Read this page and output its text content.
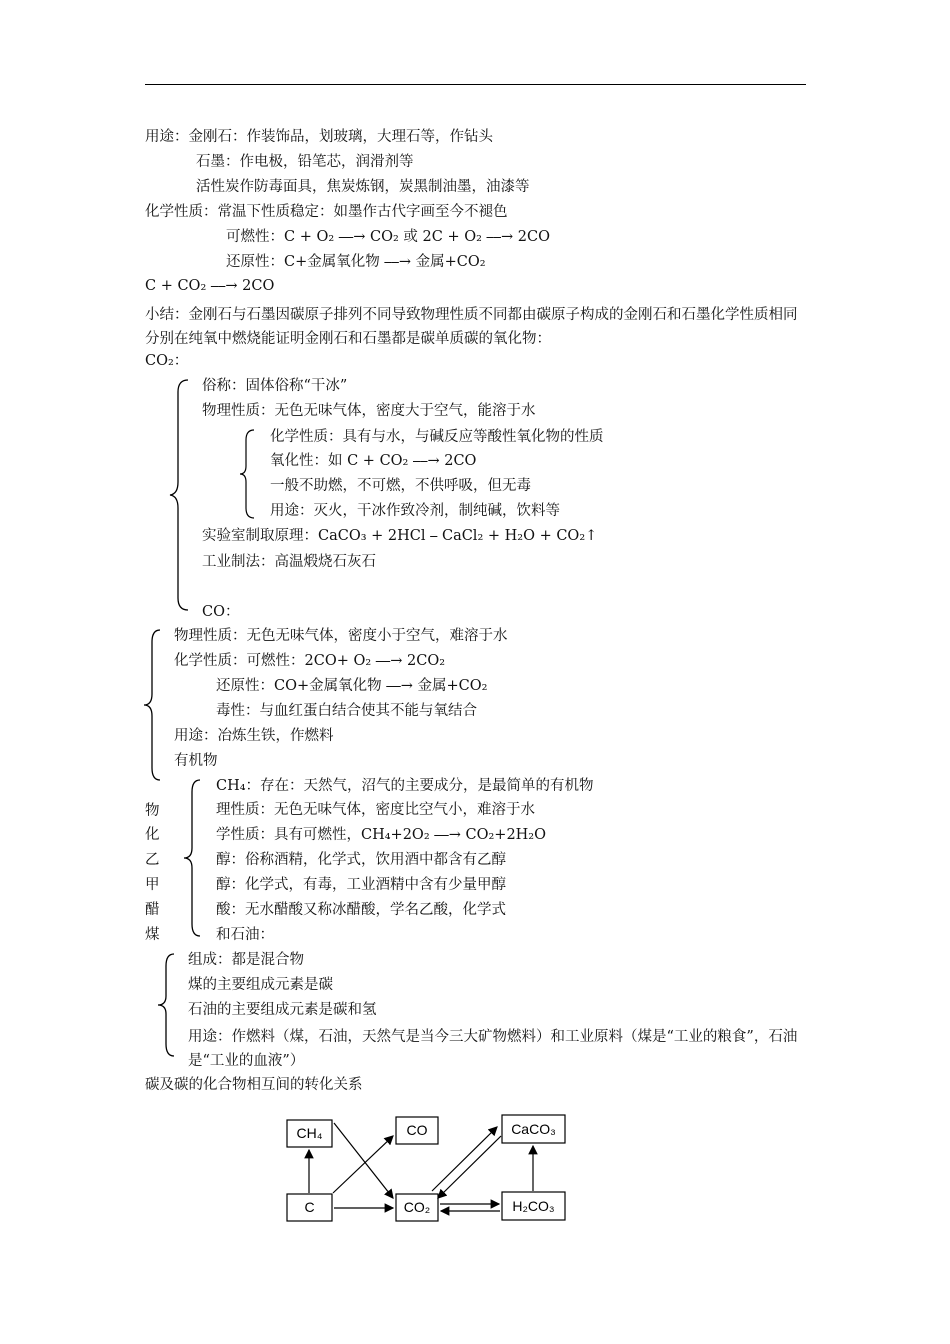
用途：金刚石：作装饰品，划玻璃，大理石等，作钻头
石墨：作电极，铅笔芯，润滑剂等
活性炭作防毒面具，焦炭炼钢，炭黑制油墨，油漆等
化学性质：常温下性质稳定：如墨作古代字画至今不褪色
可燃性：C + O₂ ⎯⎯→ CO₂ 或 2C + O₂ ⎯⎯→ 2CO
还原性：C+金属氧化物 ⎯⎯→ 金属+CO₂
C + CO₂ ⎯⎯→ 2CO
小结：金刚石与石墨因碳原子排列不同导致物理性质不同都由碳原子构成的金刚石和石墨化学性质相同分别在纯氧中燃烧能证明金刚石和石墨都是碳单质碳的氧化物：
CO₂：
俗称：固体俗称“干冰”
物理性质：无色无味气体，密度大于空气，能溶于水
化学性质：具有与水，与碱反应等酸性氧化物的性质
氧化性：如 C + CO₂ ⎯⎯→ 2CO
一般不助燃，不可燃，不供呼吸，但无毒
用途：灭火，干冰作致冷剂，制纯碱，饮料等
实验室制取原理：CaCO₃ + 2HCl ⎯ CaCl₂ + H₂O + CO₂↑
工业制法：高温煅烧石灰石
CO：
物理性质：无色无味气体，密度小于空气，难溶于水
化学性质：可燃性：2CO+ O₂ ⎯⎯→ 2CO₂
还原性：CO+金属氧化物 ⎯⎯→ 金属+CO₂
毒性：与血红蛋白结合使其不能与氧结合
用途：冶炼生铁，作燃料
有机物
物
化
乙
甲
醋
煤
CH₄：存在：天然气，沼气的主要成分，是最简单的有机物
理性质：无色无味气体，密度比空气小，难溶于水
学性质：具有可燃性，CH₄+2O₂ ⎯⎯→ CO₂+2H₂O
醇：俗称酒精，化学式，饮用酒中都含有乙醇
醇：化学式，有毒，工业酒精中含有少量甲醇
酸：无水醋酸又称冰醋酸，学名乙酸，化学式
和石油：
组成：都是混合物
煤的主要组成元素是碳
石油的主要组成元素是碳和氢
用途：作燃料（煤，石油，天然气是当今三大矿物燃料）和工业原料（煤是“工业的粮食”，石油是“工业的血液”）
碳及碳的化合物相互间的转化关系
CH₄	CO	CaCO₃
C	CO₂	H₂CO₃
